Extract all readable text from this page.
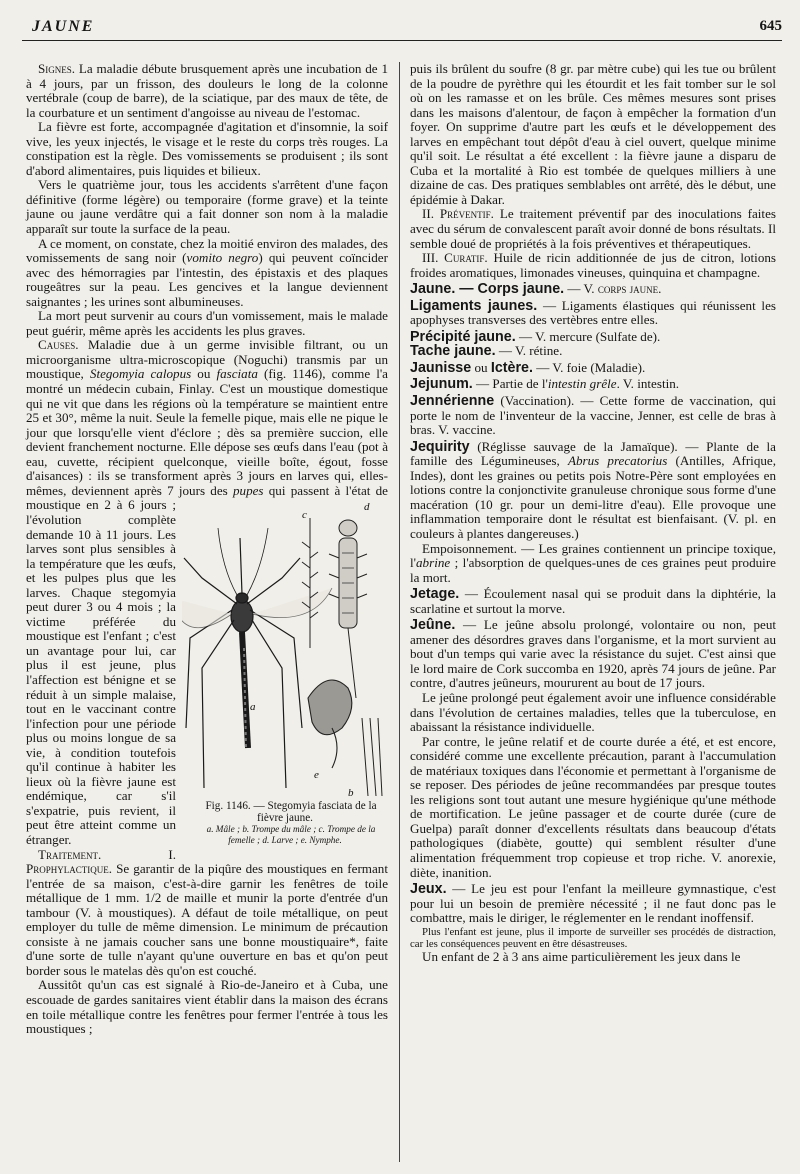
JAUNE	645

Signes. La maladie débute brusquement après une incubation de 1 à 4 jours, par un frisson, des douleurs le long de la colonne vertébrale (coup de barre), de la sciatique, par des maux de tête, de la courbature et un sentiment d'angoisse au niveau de l'estomac.

La fièvre est forte, accompagnée d'agitation et d'insomnie, la soif vive, les yeux injectés, le visage et le reste du corps très rouges. La constipation est la règle. Des vomissements se produisent ; ils sont d'abord alimentaires, puis liquides et bilieux.

Vers le quatrième jour, tous les accidents s'arrêtent d'une façon définitive (forme légère) ou temporaire (forme grave) et la teinte jaune ou jaune verdâtre qui a fait donner son nom à la maladie apparaît sur toute la surface de la peau.

A ce moment, on constate, chez la moitié environ des malades, des vomissements de sang noir (vomito negro) qui peuvent coïncider avec des hémorragies par l'intestin, des épistaxis et des plaques rougeâtres sur la peau. Les gencives et la langue deviennent saignantes ; les urines sont albumineuses.

La mort peut survenir au cours d'un vomissement, mais le malade peut guérir, même après les accidents les plus graves.

Causes. Maladie due à un germe invisible filtrant, ou un microorganisme ultra-microscopique (Noguchi) transmis par un moustique, Stegomyia calopus ou fasciata (fig. 1146), comme l'a montré un médecin cubain, Finlay. C'est un moustique domestique qui ne vit que dans les régions où la température se maintient entre 25 et 30°, même la nuit. Seule la femelle pique, mais elle ne pique le jour que lorsqu'elle vient d'éclore ; dès sa première succion, elle devient franchement nocturne. Elle dépose ses œufs dans l'eau (pot à eau, cuvette, récipient quelconque, vieille boîte, égout, fosse d'aisances) : ils se transforment après 3 jours en larves qui, elles-mêmes, deviennent après 7 jours des
a
b
c
d
e
Fig. 1146. — Stegomyia fasciata de la fièvre jaune.
a. Mâle ; b. Trompe du mâle ; c. Trompe de la femelle ; d. Larve ; e. Nymphe.
pupes qui passent à l'état de moustique en 2 à 6 jours ; l'évolution complète demande 10 à 11 jours. Les larves sont plus sensibles à la température que les œufs, et les pulpes plus que les larves. Chaque stegomyia peut durer 3 ou 4 mois ; la victime préférée du moustique est l'enfant ; c'est un avantage pour lui, car plus il est jeune, plus l'affection est bénigne et se réduit à un simple malaise, tout en le vaccinant contre l'infection pour une période plus ou moins longue de sa vie, à condition toutefois qu'il continue à habiter les lieux où la fièvre jaune est endémique, car s'il s'expatrie, puis revient, il peut être atteint comme un étranger.

Traitement. I. Prophylactique. Se garantir de la piqûre des moustiques en fermant l'entrée de sa maison, c'est-à-dire garnir les fenêtres de toile métallique de 1 mm. 1/2 de maille et munir la porte d'entrée d'un tambour (V. à moustiques). A défaut de toile métallique, on peut employer du tulle de même dimension. Le minimum de précaution consiste à ne jamais coucher sans une bonne moustiquaire*, faite d'une sorte de tulle n'ayant qu'une ouverture en bas et qu'on peut border sous le matelas dès qu'on est couché.

Aussitôt qu'un cas est signalé à Rio-de-Janeiro et à Cuba, une escouade de gardes sanitaires vient établir dans la maison des écrans en toile métallique contre les fenêtres pour fermer l'entrée à tous les moustiques ;

puis ils brûlent du soufre (8 gr. par mètre cube) qui les tue ou brûlent de la poudre de pyrèthre qui les étourdit et les fait tomber sur le sol où on les ramasse et on les brûle. Ces mêmes mesures sont prises dans les maisons d'alentour, de façon à empêcher la formation d'un foyer. On supprime d'autre part les œufs et le développement des larves en empêchant tout dépôt d'eau à ciel ouvert, quelque minime qu'il soit. Le résultat a été excellent : la fièvre jaune a disparu de Cuba et la mortalité à Rio est tombée de quelques milliers à une dizaine de cas. Des pratiques semblables ont arrêté, dès le début, une épidémie à Dakar.

II. Préventif. Le traitement préventif par des inoculations faites avec du sérum de convalescent paraît avoir donné de bons résultats. Il semble doué de propriétés à la fois préventives et thérapeutiques.

III. Curatif. Huile de ricin additionnée de jus de citron, lotions froides aromatiques, limonades vineuses, quinquina et champagne.

Jaune. — Corps jaune. — V. corps jaune.

Ligaments jaunes. — Ligaments élastiques qui réunissent les apophyses transverses des vertèbres entre elles.

Précipité jaune. — V. mercure (Sulfate de).

Tache jaune. — V. rétine.

Jaunisse ou Ictère. — V. foie (Maladie).

Jejunum. — Partie de l'intestin grêle. V. intestin.

Jennérienne (Vaccination). — Cette forme de vaccination, qui porte le nom de l'inventeur de la vaccine, Jenner, est celle de bras à bras. V. vaccine.

Jequirity (Réglisse sauvage de la Jamaïque). — Plante de la famille des Légumineuses, Abrus precatorius (Antilles, Afrique, Indes), dont les graines ou petits pois Notre-Père sont employées en lotions contre la conjonctivite granuleuse chronique sous forme d'une macération (10 gr. pour un demi-litre d'eau). Elle provoque une inflammation temporaire dont le résultat est bienfaisant. (V. pl. en couleurs à plantes dangereuses.)

Empoisonnement. — Les graines contiennent un principe toxique, l'abrine ; l'absorption de quelques-unes de ces graines peut produire la mort.

Jetage. — Écoulement nasal qui se produit dans la diphtérie, la scarlatine et surtout la morve.

Jeûne. — Le jeûne absolu prolongé, volontaire ou non, peut amener des désordres graves dans l'organisme, et la mort survient au bout d'un temps qui varie avec la résistance du sujet. C'est ainsi que le lord maire de Cork succomba en 1920, après 74 jours de jeûne. Par contre, d'autres jeûneurs, moururent au bout de 17 jours.

Le jeûne prolongé peut également avoir une influence considérable dans l'évolution de certaines maladies, telles que la tuberculose, en abaissant la résistance individuelle.

Par contre, le jeûne relatif et de courte durée a été, et est encore, considéré comme une excellente précaution, parant à l'accumulation de matériaux toxiques dans l'économie et permettant à l'organisme de se reposer. Des périodes de jeûne recommandées par presque toutes les religions sont tout autant une mesure hygiénique qu'une méthode de mortification. Le jeûne passager et de courte durée (cure de Guelpa) paraît donner d'excellents résultats dans beaucoup d'états pathologiques (diabète, goutte) qui semblent résulter d'une alimentation fréquemment trop copieuse et trop riche. V. anorexie, diète, inanition.

Jeux. — Le jeu est pour l'enfant la meilleure gymnastique, c'est pour lui un besoin de première nécessité ; il ne faut donc pas le combattre, mais le diriger, le réglementer en le rendant inoffensif.

Plus l'enfant est jeune, plus il importe de surveiller ses procédés de distraction, car les conséquences peuvent en être désastreuses.

Un enfant de 2 à 3 ans aime particulièrement les jeux dans le
